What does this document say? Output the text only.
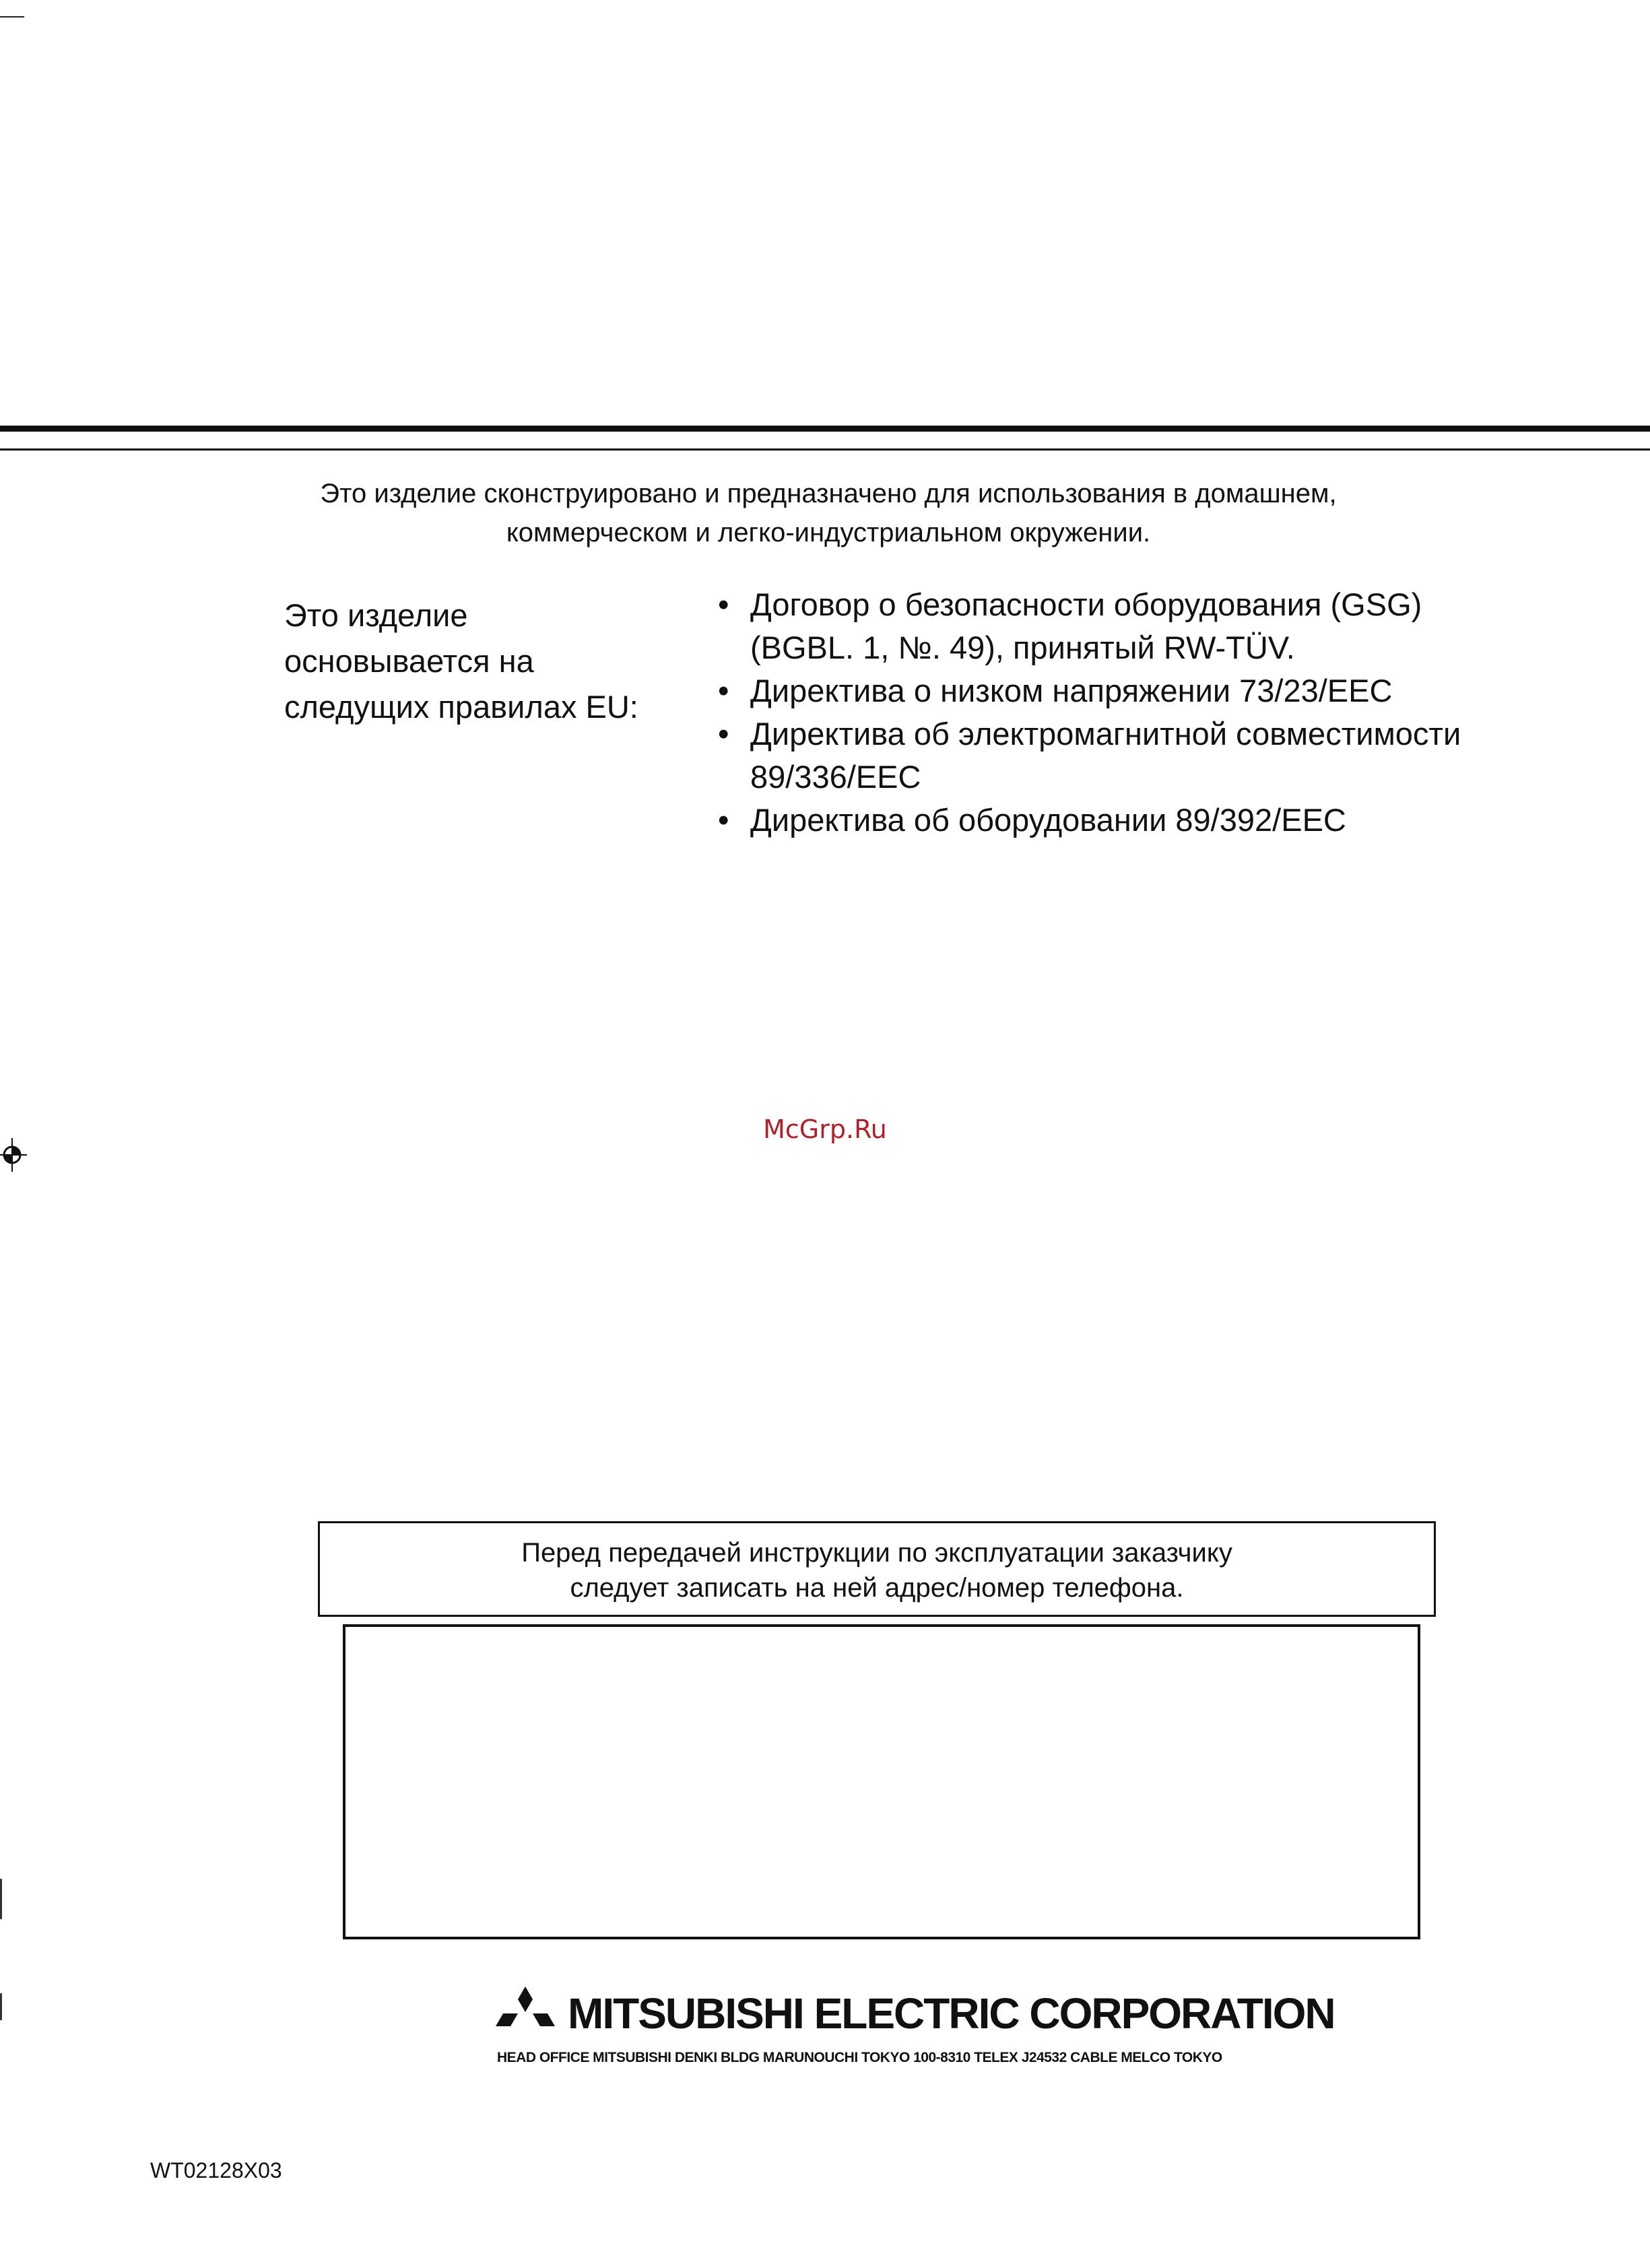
Это изделие сконструировано и предназначено для использования в домашнем,
коммерческом и легко-индустриальном окружении.
Это изделие
основывается на
следущих правилах EU:
• Договор о безопасности оборудования (GSG)
(BGBL. 1, №. 49), принятый RW-TÜV.
• Директива о низком напряжении 73/23/EEC
• Директива об электромагнитной совместимости
89/336/EEC
• Директива об оборудовании 89/392/EEC
McGrp.Ru
Перед передачей инструкции по эксплуатации заказчику
следует записать на ней адрес/номер телефона.
MITSUBISHI ELECTRIC CORPORATION
HEAD OFFICE MITSUBISHI DENKI BLDG MARUNOUCHI TOKYO 100-8310 TELEX J24532 CABLE MELCO TOKYO
WT02128X03
